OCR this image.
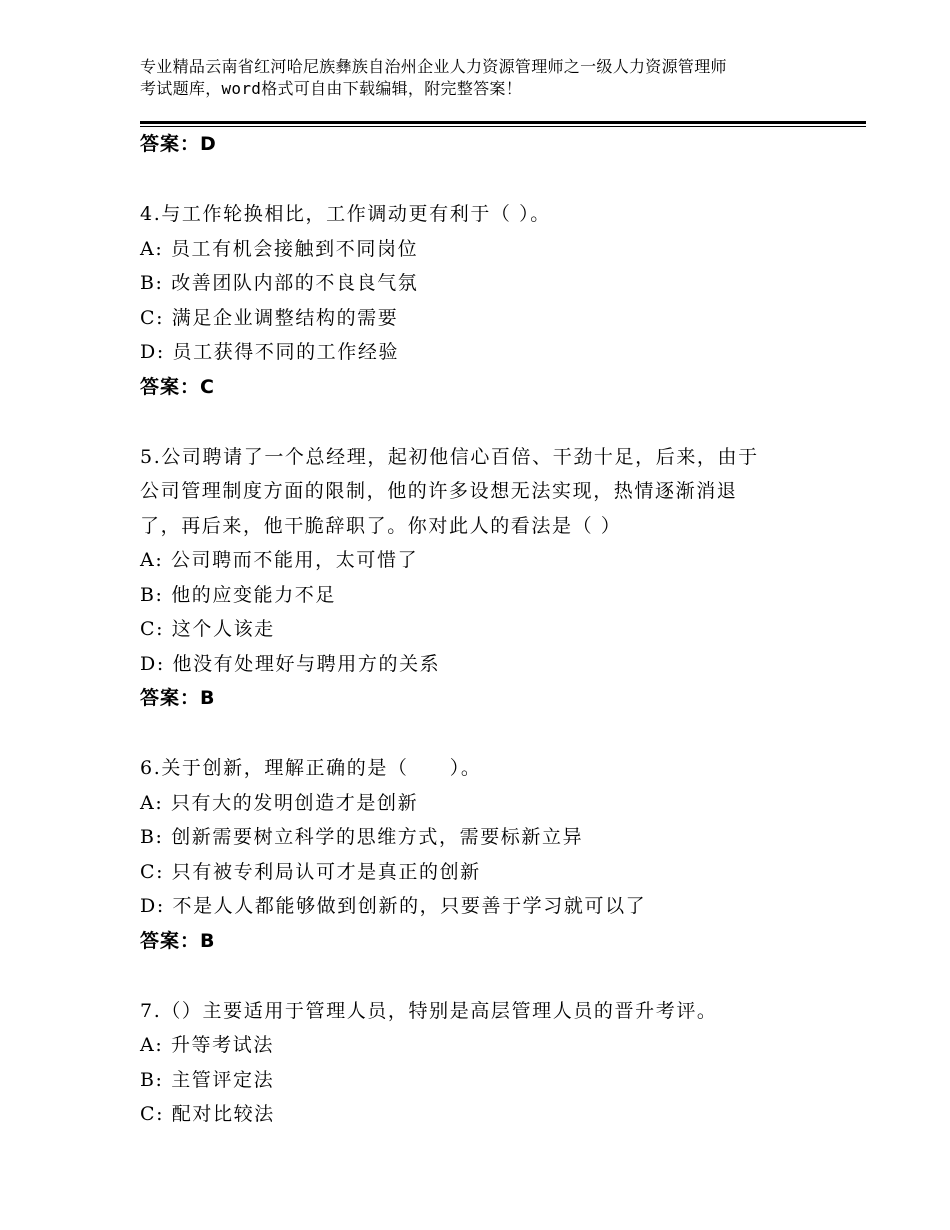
专业精品云南省红河哈尼族彝族自治州企业人力资源管理师之一级人力资源管理师
考试题库，word格式可自由下载编辑，附完整答案！
答案：D
4.与工作轮换相比，工作调动更有利于（ ）。
A: 员工有机会接触到不同岗位
B: 改善团队内部的不良良气氛
C: 满足企业调整结构的需要
D: 员工获得不同的工作经验
答案：C
5.公司聘请了一个总经理，起初他信心百倍、干劲十足，后来，由于
公司管理制度方面的限制，他的许多设想无法实现，热情逐渐消退
了，再后来，他干脆辞职了。你对此人的看法是（ ）
A: 公司聘而不能用，太可惜了
B: 他的应变能力不足
C: 这个人该走
D: 他没有处理好与聘用方的关系
答案：B
6.关于创新，理解正确的是（　　）。
A: 只有大的发明创造才是创新
B: 创新需要树立科学的思维方式，需要标新立异
C: 只有被专利局认可才是真正的创新
D: 不是人人都能够做到创新的，只要善于学习就可以了
答案：B
7.（）主要适用于管理人员，特别是高层管理人员的晋升考评。
A: 升等考试法
B: 主管评定法
C: 配对比较法
